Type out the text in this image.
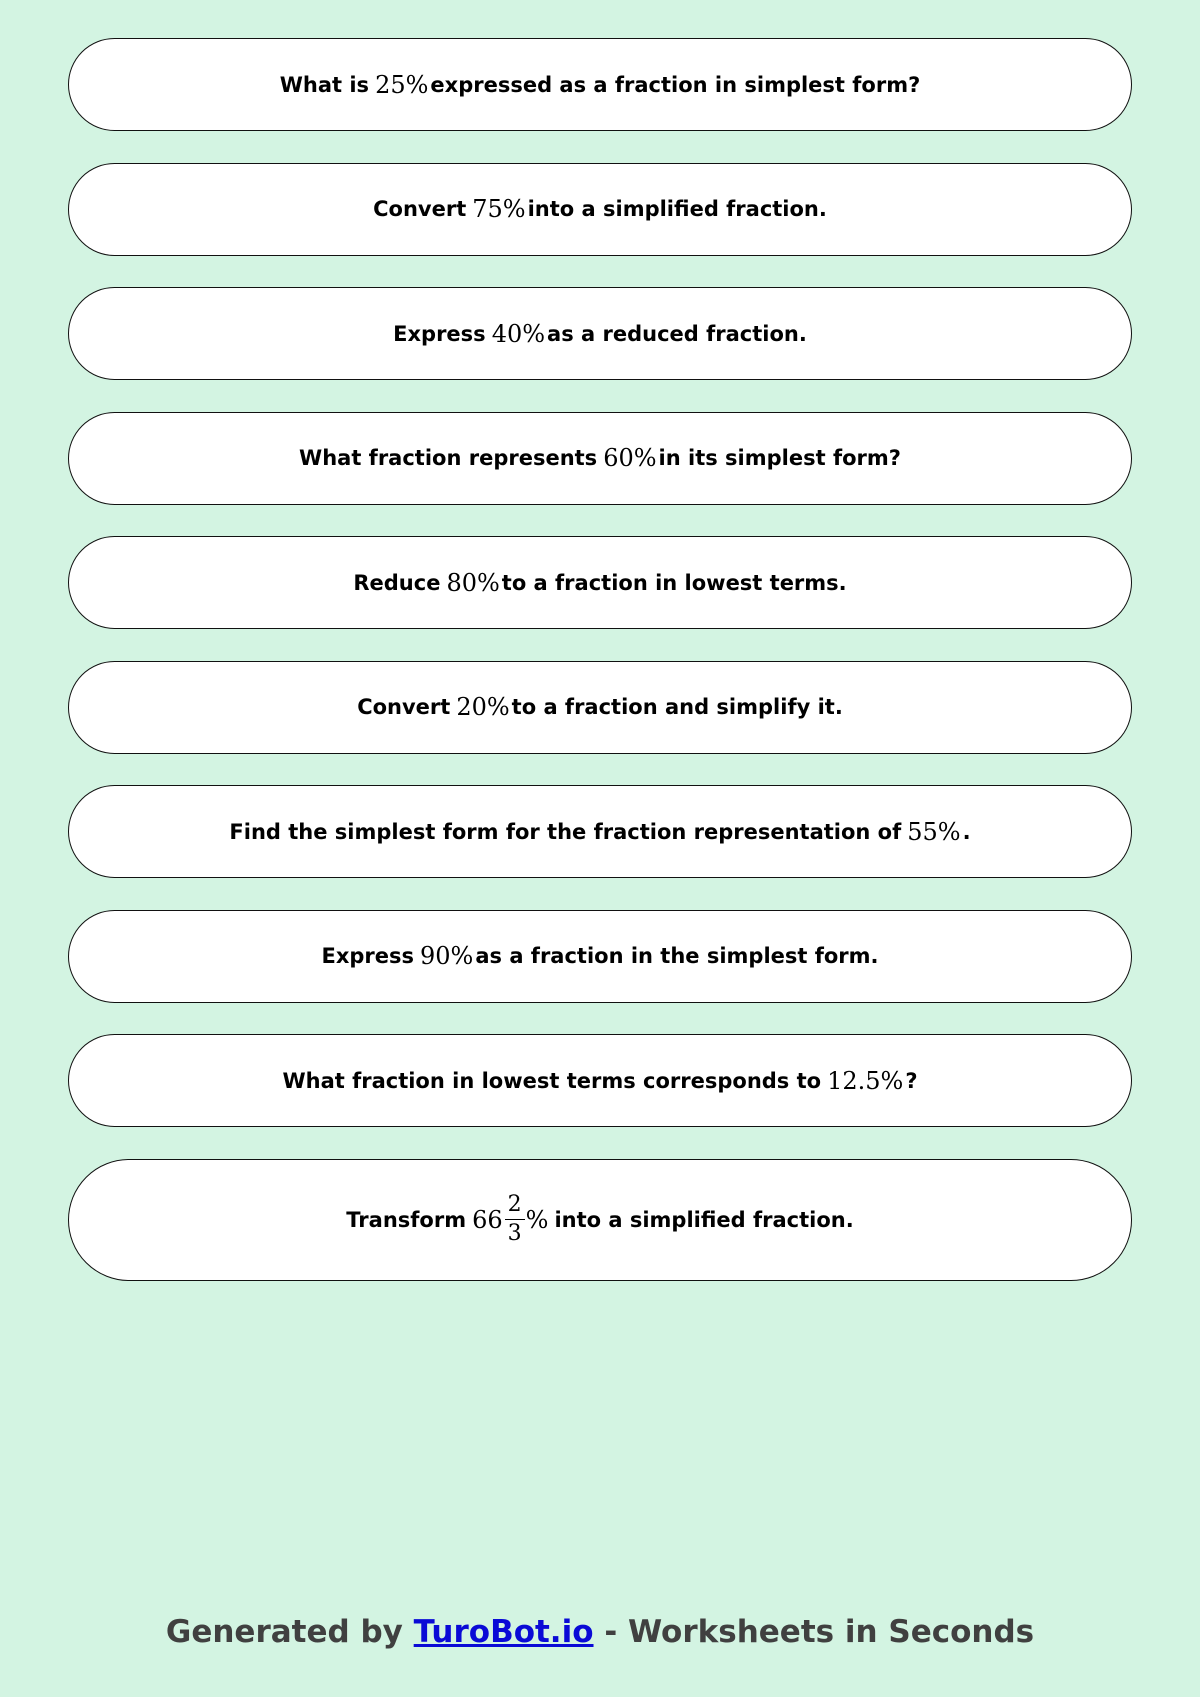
What is 25% expressed as a fraction in simplest form?
Convert 75% into a simplified fraction.
Express 40% as a reduced fraction.
What fraction represents 60% in its simplest form?
Reduce 80% to a fraction in lowest terms.
Convert 20% to a fraction and simplify it.
Find the simplest form for the fraction representation of 55% .
Express 90% as a fraction in the simplest form.
What fraction in lowest terms corresponds to 12.5% ?
Transform $66 \frac{2}{3}$ % into a simplified fraction.
Generated by TuroBot.io - Worksheets in Seconds
